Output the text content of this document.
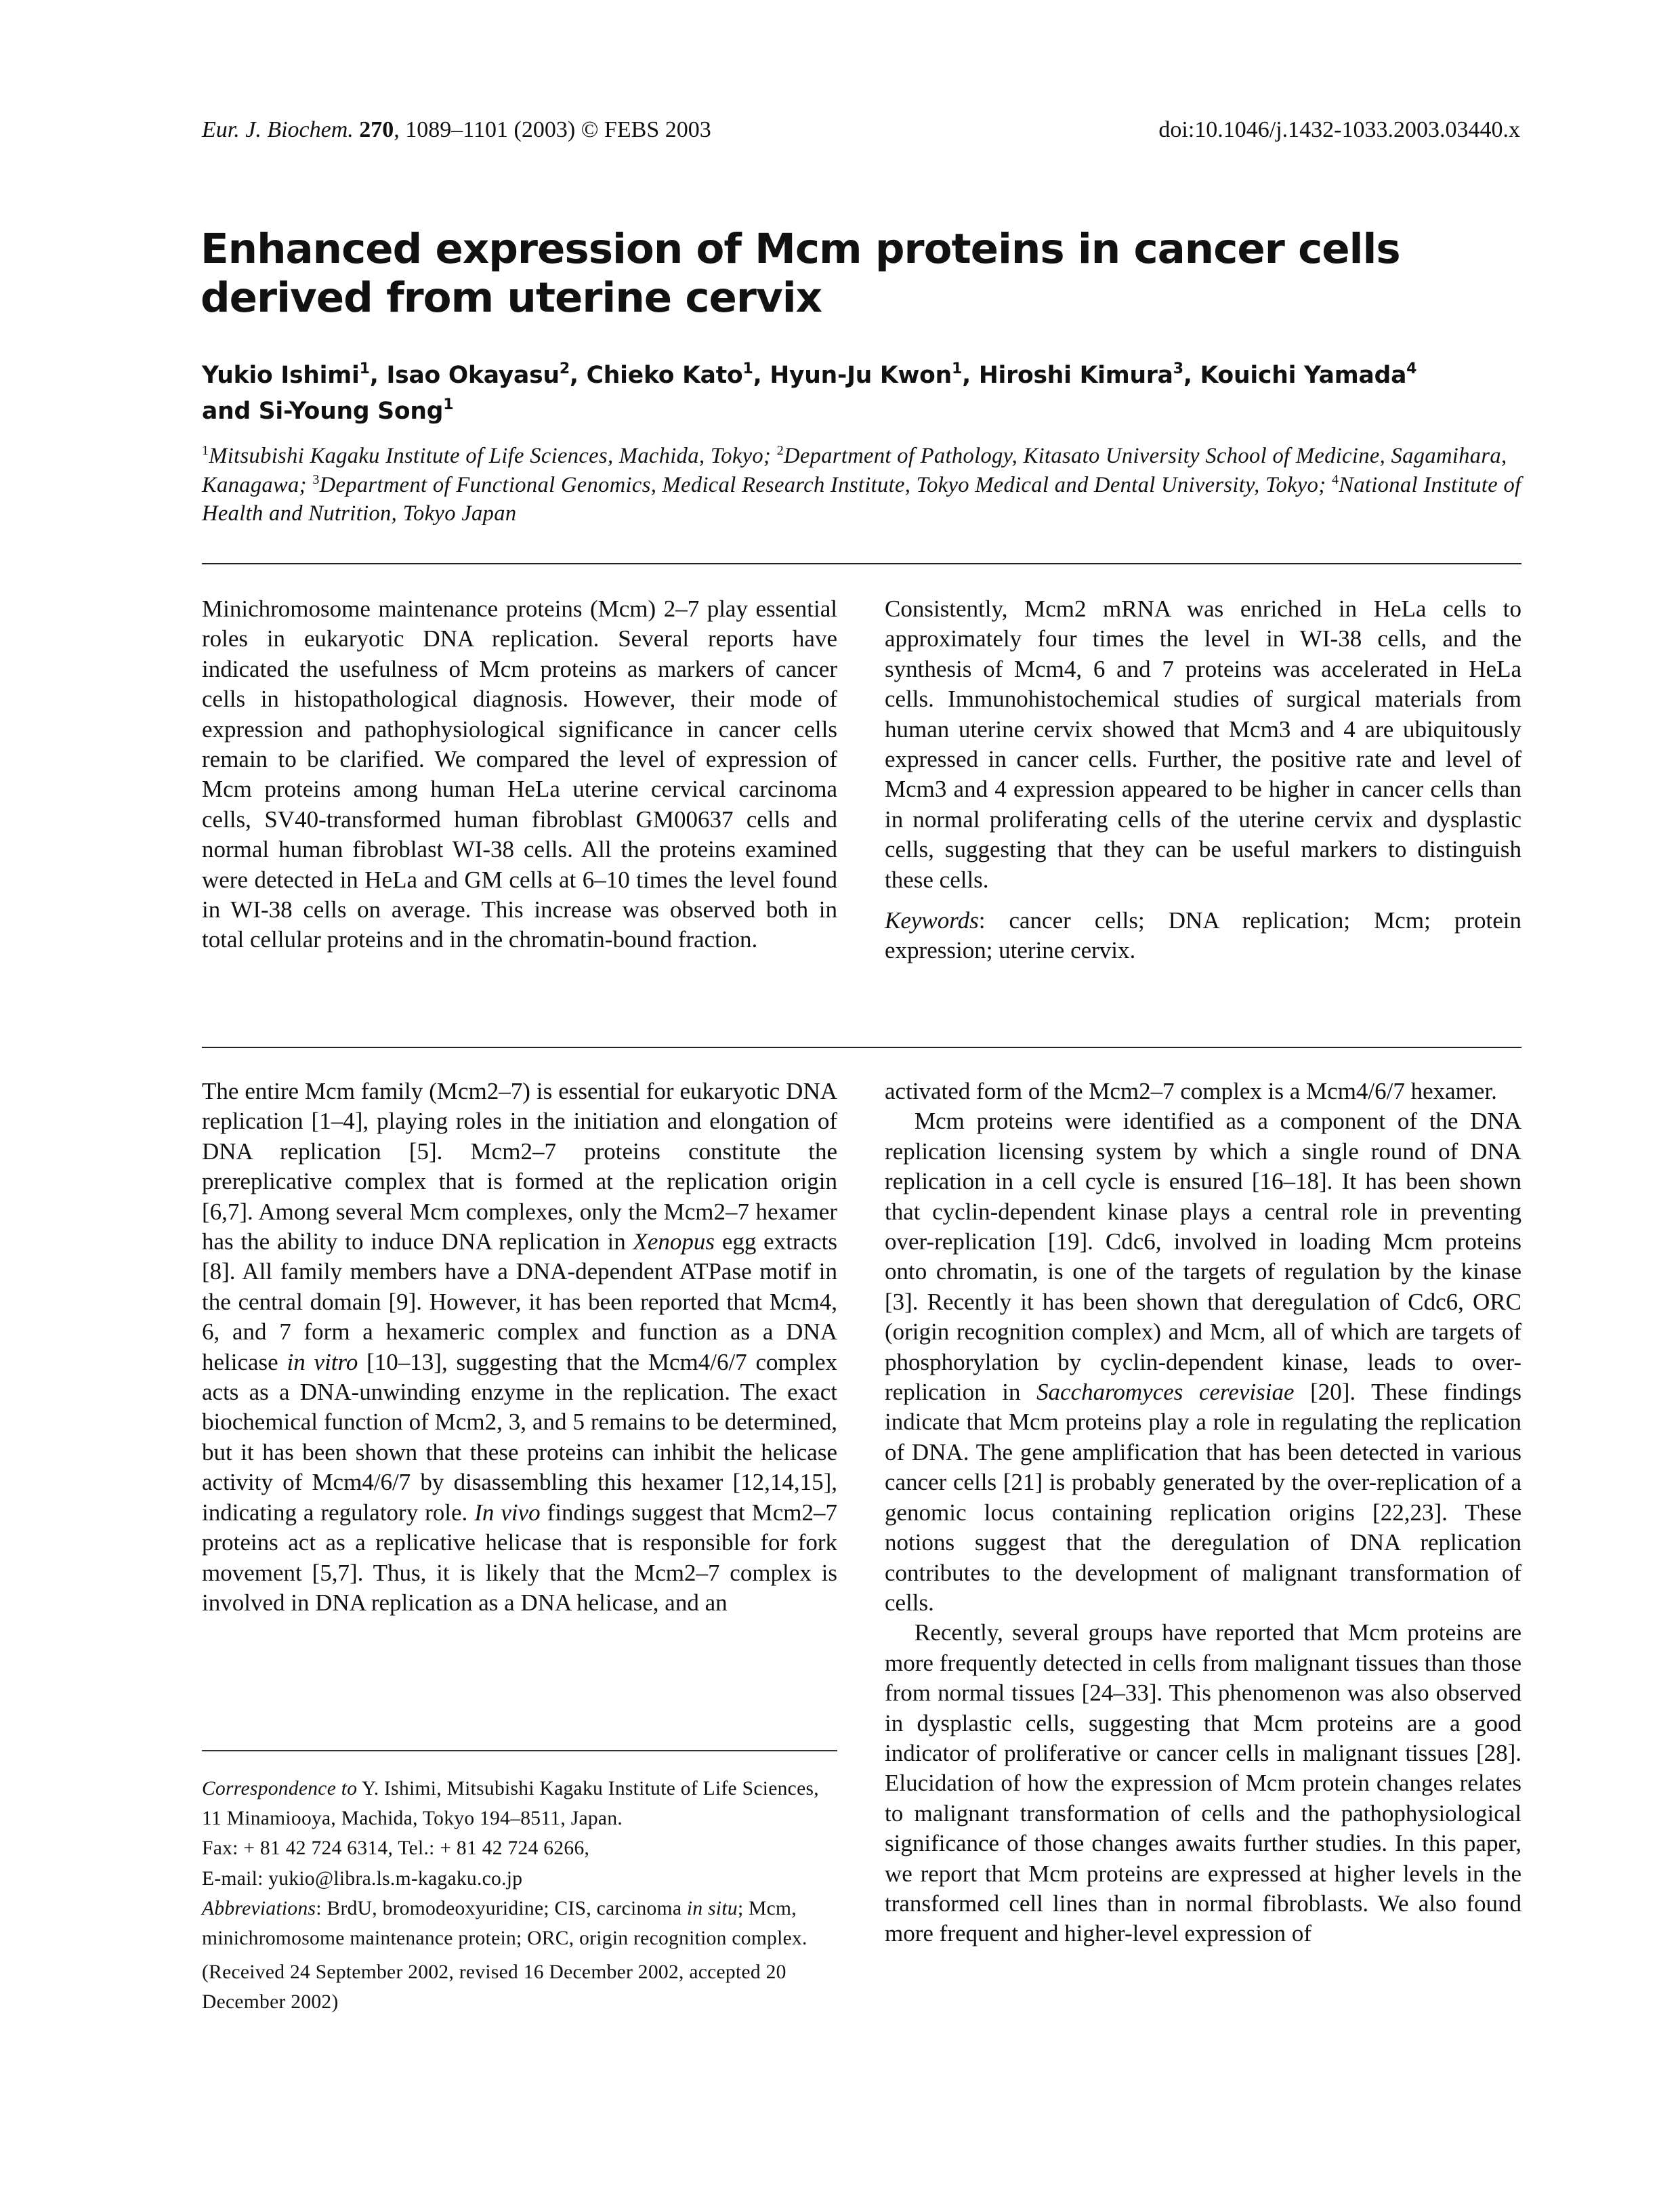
Eur. J. Biochem. 270, 1089–1101 (2003) © FEBS 2003	doi:10.1046/j.1432-1033.2003.03440.x
Enhanced expression of Mcm proteins in cancer cells derived from uterine cervix
Yukio Ishimi$^1$, Isao Okayasu$^2$, Chieko Kato$^1$, Hyun-Ju Kwon$^1$, Hiroshi Kimura$^3$, Kouichi Yamada$^4$
and Si-Young Song$^1$
$^1$Mitsubishi Kagaku Institute of Life Sciences, Machida, Tokyo; $^2$Department of Pathology, Kitasato University School of Medicine, Sagamihara, Kanagawa; $^3$Department of Functional Genomics, Medical Research Institute, Tokyo Medical and Dental University, Tokyo; $^4$National Institute of Health and Nutrition, Tokyo Japan

Minichromosome maintenance proteins (Mcm) 2–7 play essential roles in eukaryotic DNA replication. Several reports have indicated the usefulness of Mcm proteins as markers of cancer cells in histopathological diagnosis. However, their mode of expression and pathophysiological significance in cancer cells remain to be clarified. We compared the level of expression of Mcm proteins among human HeLa uterine cervical carcinoma cells, SV40-transformed human fibroblast GM00637 cells and normal human fibroblast WI-38 cells. All the proteins examined were detected in HeLa and GM cells at 6–10 times the level found in WI-38 cells on average. This increase was observed both in total cellular proteins and in the chromatin-bound fraction.

Consistently, Mcm2 mRNA was enriched in HeLa cells to approximately four times the level in WI-38 cells, and the synthesis of Mcm4, 6 and 7 proteins was accelerated in HeLa cells. Immunohistochemical studies of surgical materials from human uterine cervix showed that Mcm3 and 4 are ubiquitously expressed in cancer cells. Further, the positive rate and level of Mcm3 and 4 expression appeared to be higher in cancer cells than in normal proliferating cells of the uterine cervix and dysplastic cells, suggesting that they can be useful markers to distinguish these cells.

Keywords: cancer cells; DNA replication; Mcm; protein expression; uterine cervix.

The entire Mcm family (Mcm2–7) is essential for eukaryotic DNA replication [1–4], playing roles in the initiation and elongation of DNA replication [5]. Mcm2–7 proteins constitute the prereplicative complex that is formed at the replication origin [6,7]. Among several Mcm complexes, only the Mcm2–7 hexamer has the ability to induce DNA replication in Xenopus egg extracts [8]. All family members have a DNA-dependent ATPase motif in the central domain [9]. However, it has been reported that Mcm4, 6, and 7 form a hexameric complex and function as a DNA helicase in vitro [10–13], suggesting that the Mcm4/6/7 complex acts as a DNA-unwinding enzyme in the replication. The exact biochemical function of Mcm2, 3, and 5 remains to be determined, but it has been shown that these proteins can inhibit the helicase activity of Mcm4/6/7 by disassembling this hexamer [12,14,15], indicating a regulatory role. In vivo findings suggest that Mcm2–7 proteins act as a replicative helicase that is responsible for fork movement [5,7]. Thus, it is likely that the Mcm2–7 complex is involved in DNA replication as a DNA helicase, and an

activated form of the Mcm2–7 complex is a Mcm4/6/7 hexamer.

Mcm proteins were identified as a component of the DNA replication licensing system by which a single round of DNA replication in a cell cycle is ensured [16–18]. It has been shown that cyclin-dependent kinase plays a central role in preventing over-replication [19]. Cdc6, involved in loading Mcm proteins onto chromatin, is one of the targets of regulation by the kinase [3]. Recently it has been shown that deregulation of Cdc6, ORC (origin recognition complex) and Mcm, all of which are targets of phosphorylation by cyclin-dependent kinase, leads to over-replication in Saccharomyces cerevisiae [20]. These findings indicate that Mcm proteins play a role in regulating the replication of DNA. The gene amplification that has been detected in various cancer cells [21] is probably generated by the over-replication of a genomic locus containing replication origins [22,23]. These notions suggest that the deregulation of DNA replication contributes to the development of malignant transformation of cells.

Recently, several groups have reported that Mcm proteins are more frequently detected in cells from malignant tissues than those from normal tissues [24–33]. This phenomenon was also observed in dysplastic cells, suggesting that Mcm proteins are a good indicator of proliferative or cancer cells in malignant tissues [28]. Elucidation of how the expression of Mcm protein changes relates to malignant transformation of cells and the pathophysiological significance of those changes awaits further studies. In this paper, we report that Mcm proteins are expressed at higher levels in the transformed cell lines than in normal fibroblasts. We also found more frequent and higher-level expression of

Correspondence to Y. Ishimi, Mitsubishi Kagaku Institute of Life Sciences, 11 Minamiooya, Machida, Tokyo 194–8511, Japan.

Fax: + 81 42 724 6314, Tel.: + 81 42 724 6266,

E-mail: yukio@libra.ls.m-kagaku.co.jp

Abbreviations: BrdU, bromodeoxyuridine; CIS, carcinoma in situ; Mcm, minichromosome maintenance protein; ORC, origin recognition complex.

(Received 24 September 2002, revised 16 December 2002, accepted 20 December 2002)
